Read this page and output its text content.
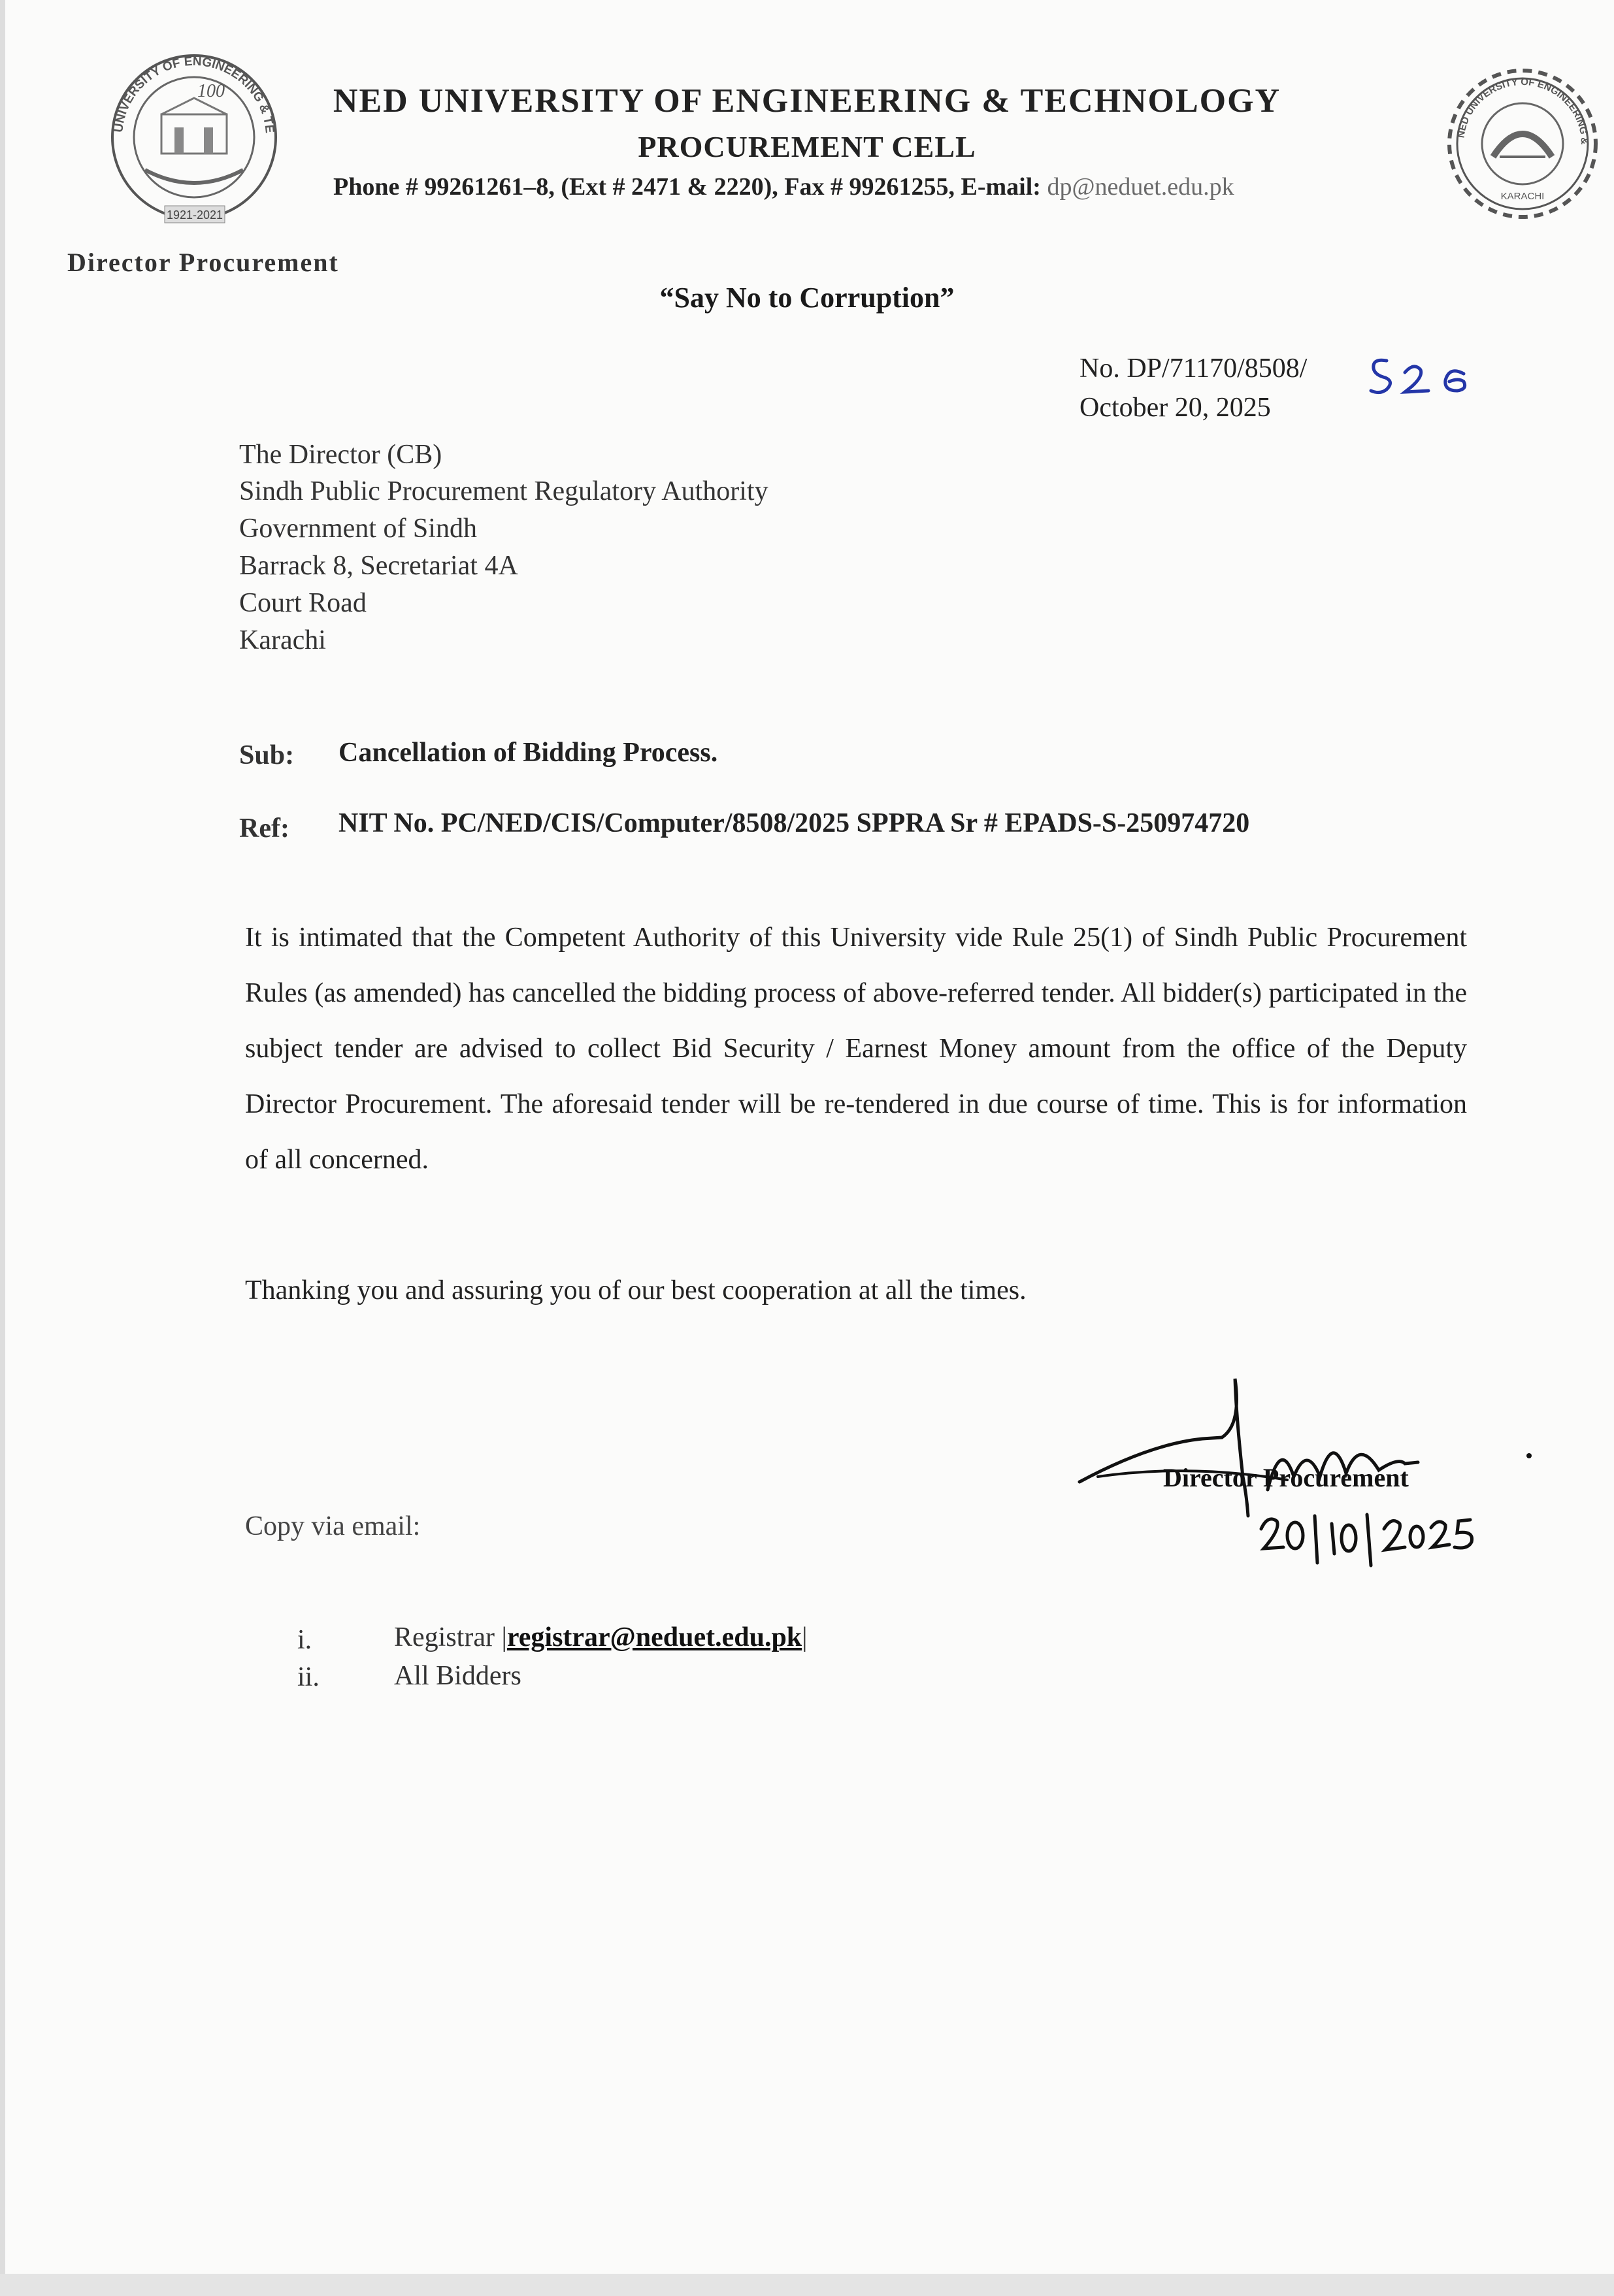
UNIVERSITY OF ENGINEERING & TE
100
1921-2021
NED UNIVERSITY OF ENGINEERING &
KARACHI
NED UNIVERSITY OF ENGINEERING & TECHNOLOGY
PROCUREMENT CELL
Phone # 99261261–8, (Ext # 2471 & 2220), Fax # 99261255, E-mail: dp@neduet.edu.pk
Director Procurement
“Say No to Corruption”
No. DP/71170/8508/
October 20, 2025
The Director (CB)
Sindh Public Procurement Regulatory Authority
Government of Sindh
Barrack 8, Secretariat 4A
Court Road
Karachi
Sub: Cancellation of Bidding Process.
Ref: NIT No. PC/NED/CIS/Computer/8508/2025 SPPRA Sr # EPADS-S-250974720
It is intimated that the Competent Authority of this University vide Rule 25(1) of Sindh Public Procurement Rules (as amended) has cancelled the bidding process of above-referred tender. All bidder(s) participated in the subject tender are advised to collect Bid Security / Earnest Money amount from the office of the Deputy Director Procurement. The aforesaid tender will be re-tendered in due course of time. This is for information of all concerned.
Thanking you and assuring you of our best cooperation at all the times.
Director Procurement
Copy via email:
i.	Registrar |registrar@neduet.edu.pk|
ii.	All Bidders
